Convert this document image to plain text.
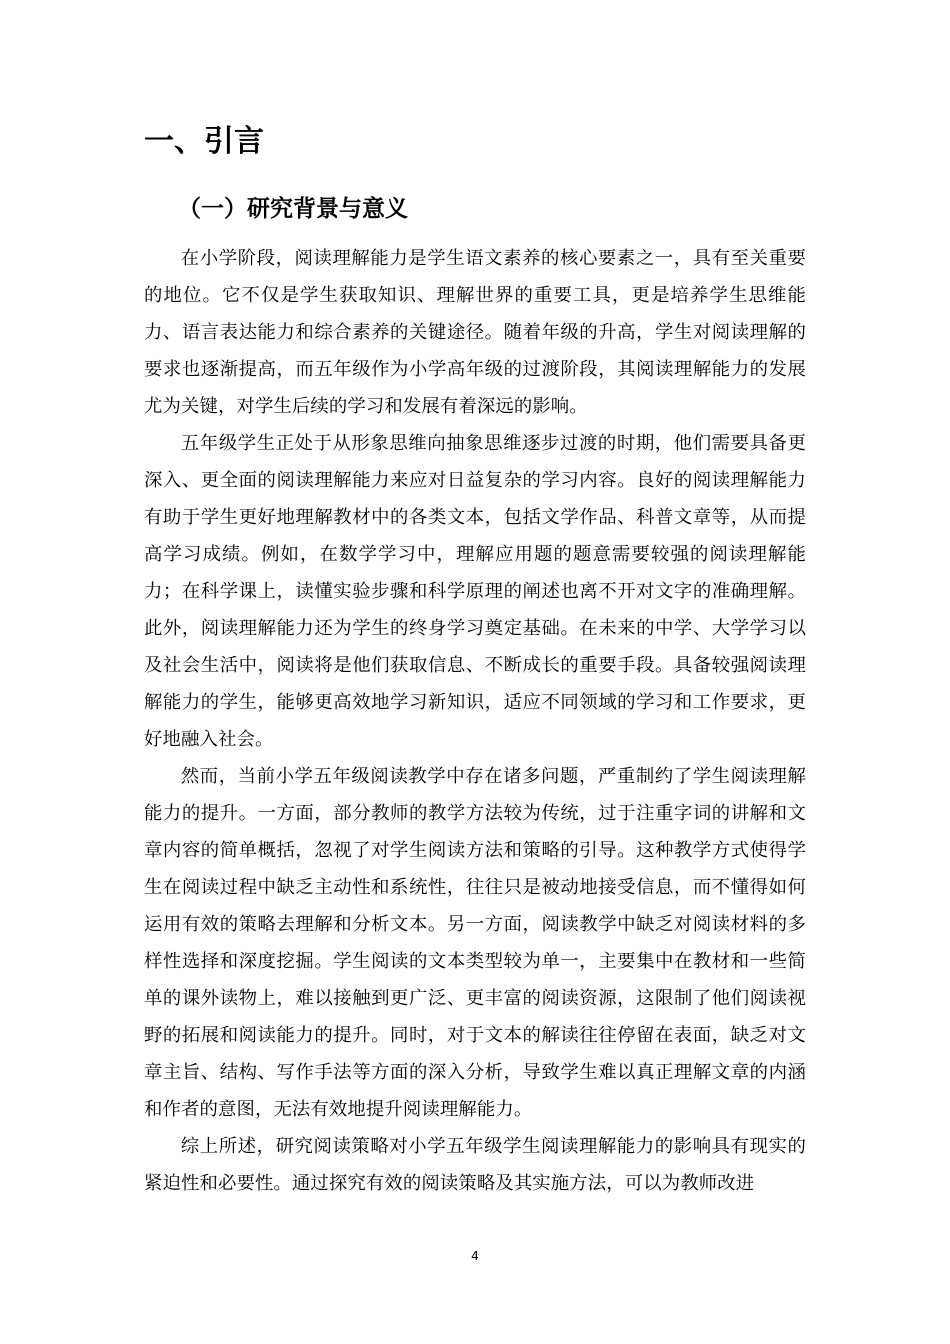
一、引言
（一）研究背景与意义

在小学阶段，阅读理解能力是学生语文素养的核心要素之一，具有至关重要的地位。它不仅是学生获取知识、理解世界的重要工具，更是培养学生思维能力、语言表达能力和综合素养的关键途径。随着年级的升高，学生对阅读理解的要求也逐渐提高，而五年级作为小学高年级的过渡阶段，其阅读理解能力的发展尤为关键，对学生后续的学习和发展有着深远的影响。

五年级学生正处于从形象思维向抽象思维逐步过渡的时期，他们需要具备更深入、更全面的阅读理解能力来应对日益复杂的学习内容。良好的阅读理解能力有助于学生更好地理解教材中的各类文本，包括文学作品、科普文章等，从而提高学习成绩。例如，在数学学习中，理解应用题的题意需要较强的阅读理解能力；在科学课上，读懂实验步骤和科学原理的阐述也离不开对文字的准确理解。此外，阅读理解能力还为学生的终身学习奠定基础。在未来的中学、大学学习以及社会生活中，阅读将是他们获取信息、不断成长的重要手段。具备较强阅读理解能力的学生，能够更高效地学习新知识，适应不同领域的学习和工作要求，更好地融入社会。

然而，当前小学五年级阅读教学中存在诸多问题，严重制约了学生阅读理解能力的提升。一方面，部分教师的教学方法较为传统，过于注重字词的讲解和文章内容的简单概括，忽视了对学生阅读方法和策略的引导。这种教学方式使得学生在阅读过程中缺乏主动性和系统性，往往只是被动地接受信息，而不懂得如何运用有效的策略去理解和分析文本。另一方面，阅读教学中缺乏对阅读材料的多样性选择和深度挖掘。学生阅读的文本类型较为单一，主要集中在教材和一些简单的课外读物上，难以接触到更广泛、更丰富的阅读资源，这限制了他们阅读视野的拓展和阅读能力的提升。同时，对于文本的解读往往停留在表面，缺乏对文章主旨、结构、写作手法等方面的深入分析，导致学生难以真正理解文章的内涵和作者的意图，无法有效地提升阅读理解能力。

综上所述，研究阅读策略对小学五年级学生阅读理解能力的影响具有现实的紧迫性和必要性。通过探究有效的阅读策略及其实施方法，可以为教师改进

4
